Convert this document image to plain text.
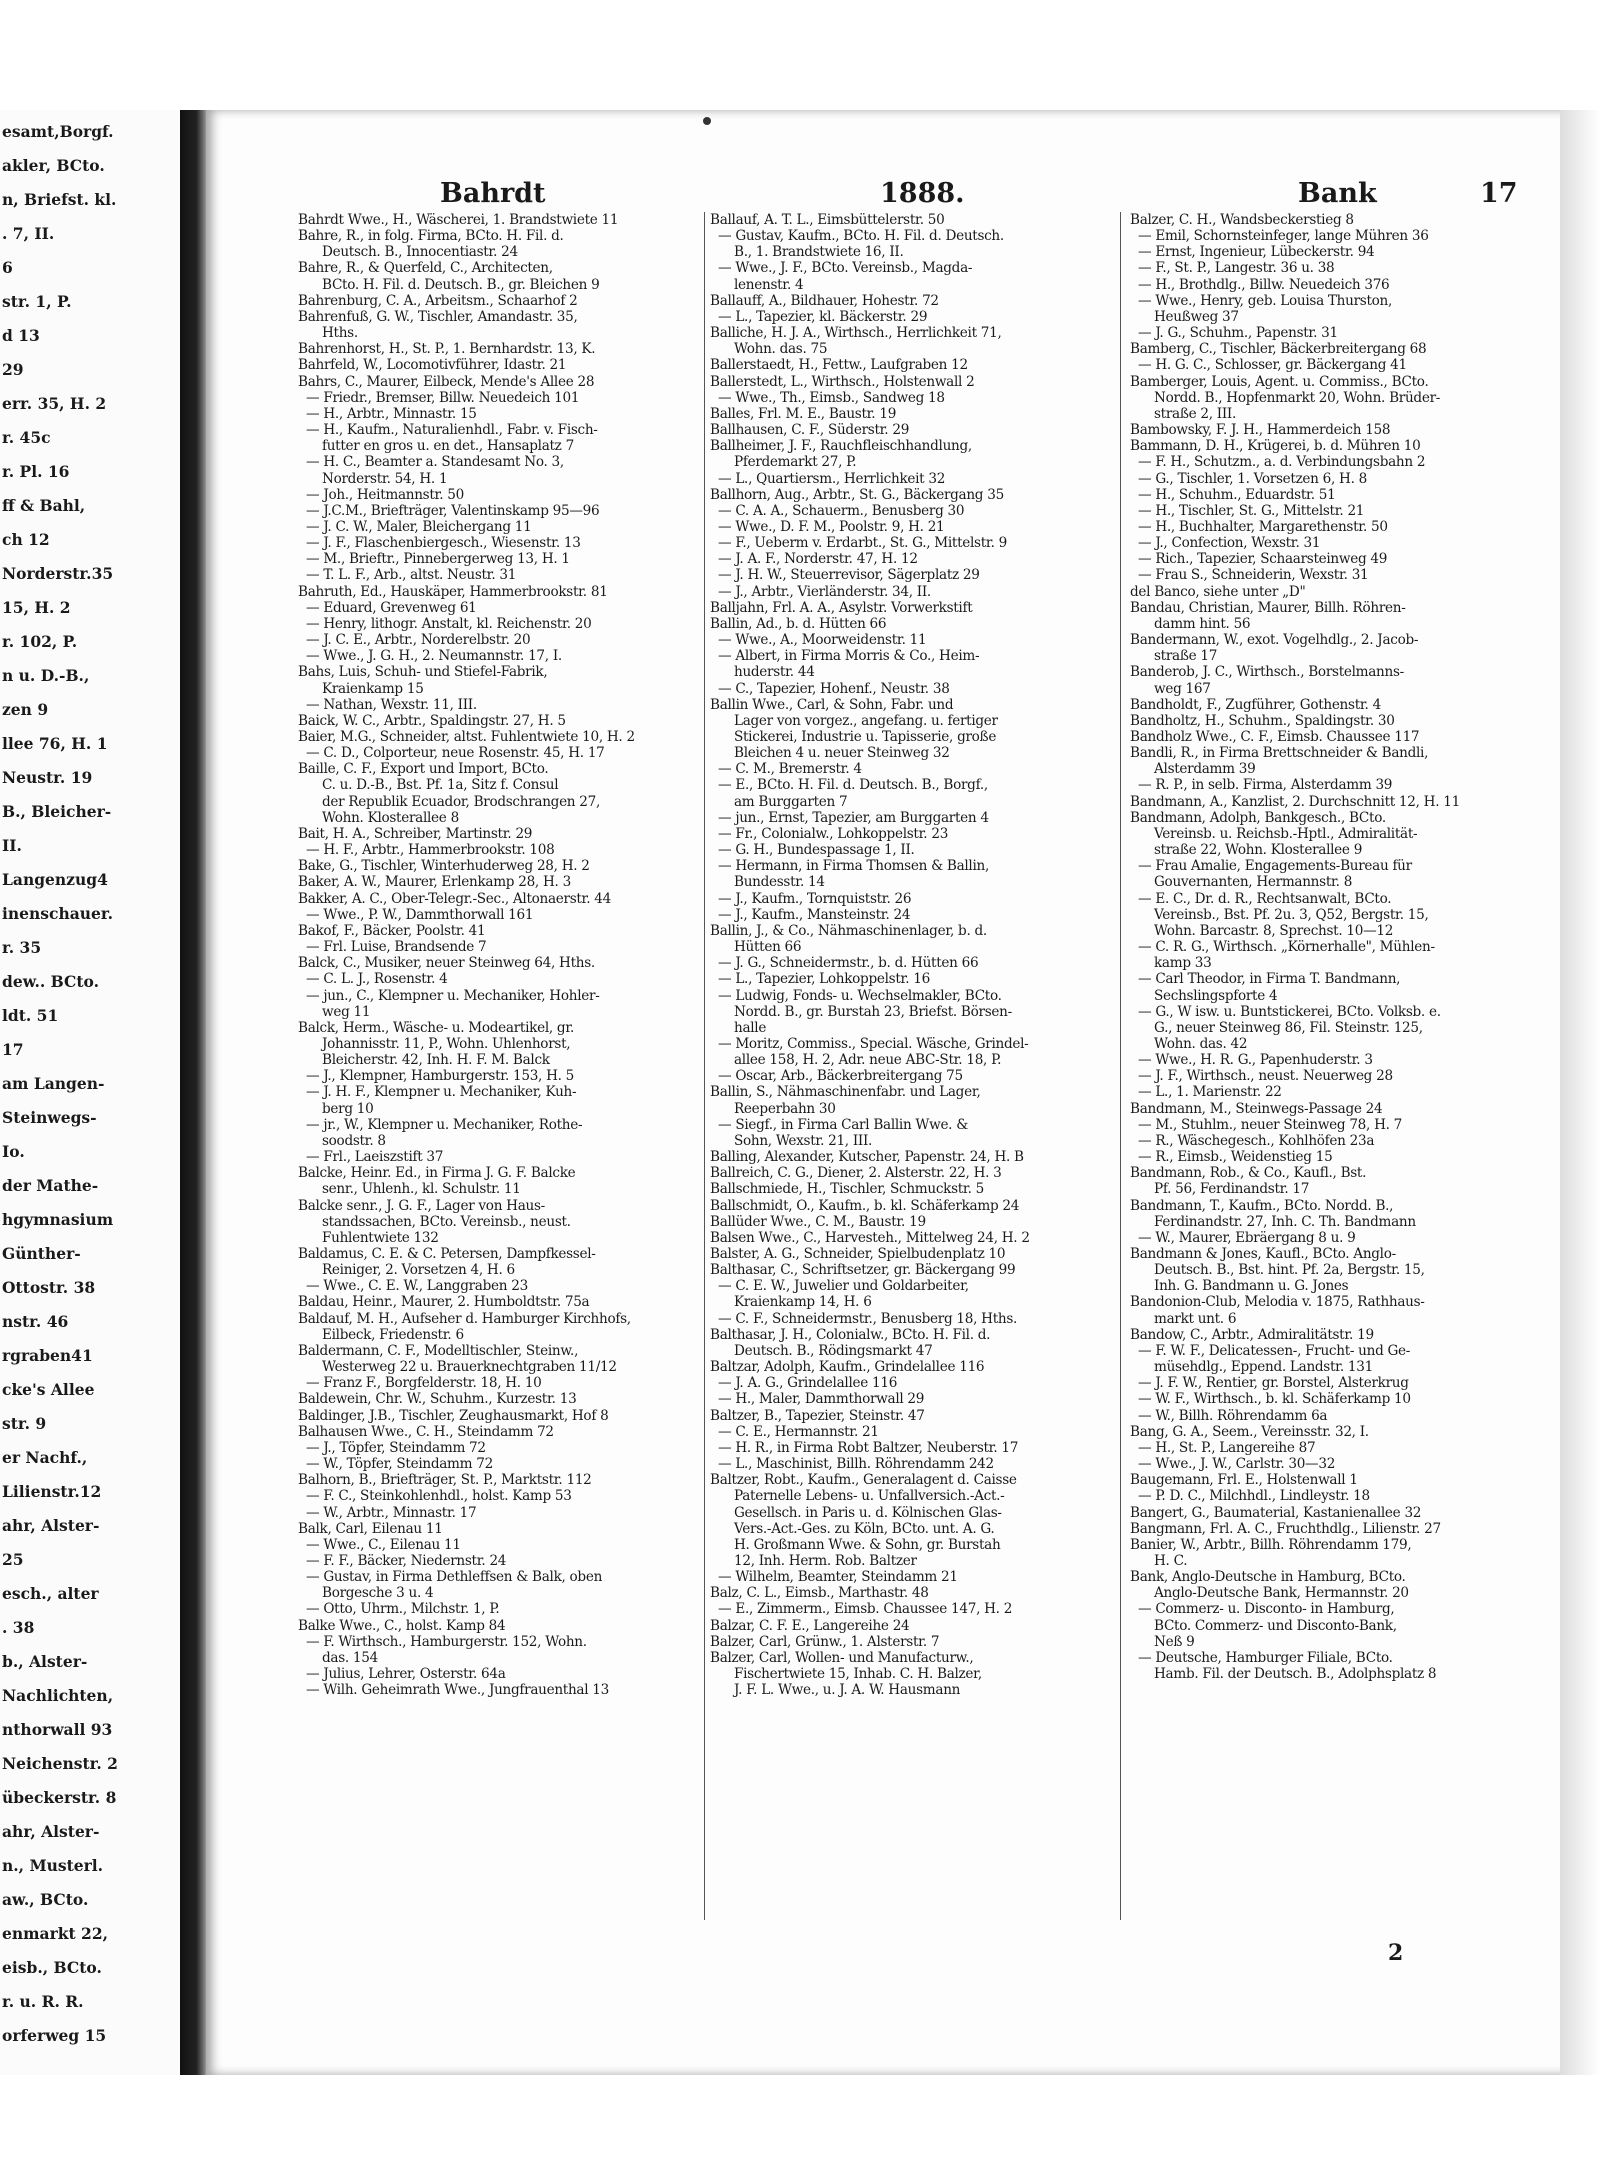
esamt,Borgf.
akler, BCto.
n, Briefst. kl.
. 7, II.
6
str. 1, P.
d 13
29
err. 35, H. 2
r. 45c
r. Pl. 16
ff & Bahl,
ch 12
Norderstr.35
15, H. 2
r. 102, P.
n u. D.-B.,
zen 9
llee 76, H. 1
Neustr. 19
B., Bleicher-
II.
Langenzug4
inenschauer.
r. 35
dew.. BCto.
ldt. 51
17
am Langen-
Steinwegs-
Io.
der Mathe-
hgymnasium
Günther-
Ottostr. 38
nstr. 46
rgraben41
cke's Allee
str. 9
er Nachf.,
Lilienstr.12
ahr, Alster-
25
esch., alter
. 38
b., Alster-
Nachlichten,
nthorwall 93
Neichenstr. 2
übeckerstr. 8
ahr, Alster-
n., Musterl.
aw., BCto.
enmarkt 22,
eisb., BCto.
r. u. R. R.
orferweg 15
Bahrdt	1888.	Bank	17
Bahrdt Wwe., H., Wäscherei, 1. Brandstwiete 11
Bahre, R., in folg. Firma, BCto. H. Fil. d.
Deutsch. B., Innocentiastr. 24
Bahre, R., & Querfeld, C., Architecten,
BCto. H. Fil. d. Deutsch. B., gr. Bleichen 9
Bahrenburg, C. A., Arbeitsm., Schaarhof 2
Bahrenfuß, G. W., Tischler, Amandastr. 35,
Hths.
Bahrenhorst, H., St. P., 1. Bernhardstr. 13, K.
Bahrfeld, W., Locomotivführer, Idastr. 21
Bahrs, C., Maurer, Eilbeck, Mende's Allee 28
— Friedr., Bremser, Billw. Neuedeich 101
— H., Arbtr., Minnastr. 15
— H., Kaufm., Naturalienhdl., Fabr. v. Fisch-
futter en gros u. en det., Hansaplatz 7
— H. C., Beamter a. Standesamt No. 3,
Norderstr. 54, H. 1
— Joh., Heitmannstr. 50
— J.C.M., Briefträger, Valentinskamp 95—96
— J. C. W., Maler, Bleichergang 11
— J. F., Flaschenbiergesch., Wiesenstr. 13
— M., Brieftr., Pinnebergerweg 13, H. 1
— T. L. F., Arb., altst. Neustr. 31
Bahruth, Ed., Hauskäper, Hammerbrookstr. 81
— Eduard, Grevenweg 61
— Henry, lithogr. Anstalt, kl. Reichenstr. 20
— J. C. E., Arbtr., Norderelbstr. 20
— Wwe., J. G. H., 2. Neumannstr. 17, I.
Bahs, Luis, Schuh- und Stiefel-Fabrik,
Kraienkamp 15
— Nathan, Wexstr. 11, III.
Baick, W. C., Arbtr., Spaldingstr. 27, H. 5
Baier, M.G., Schneider, altst. Fuhlentwiete 10, H. 2
— C. D., Colporteur, neue Rosenstr. 45, H. 17
Baille, C. F., Export und Import, BCto.
C. u. D.-B., Bst. Pf. 1a, Sitz f. Consul
der Republik Ecuador, Brodschrangen 27,
Wohn. Klosterallee 8
Bait, H. A., Schreiber, Martinstr. 29
— H. F., Arbtr., Hammerbrookstr. 108
Bake, G., Tischler, Winterhuderweg 28, H. 2
Baker, A. W., Maurer, Erlenkamp 28, H. 3
Bakker, A. C., Ober-Telegr.-Sec., Altonaerstr. 44
— Wwe., P. W., Dammthorwall 161
Bakof, F., Bäcker, Poolstr. 41
— Frl. Luise, Brandsende 7
Balck, C., Musiker, neuer Steinweg 64, Hths.
— C. L. J., Rosenstr. 4
— jun., C., Klempner u. Mechaniker, Hohler-
weg 11
Balck, Herm., Wäsche- u. Modeartikel, gr.
Johannisstr. 11, P., Wohn. Uhlenhorst,
Bleicherstr. 42, Inh. H. F. M. Balck
— J., Klempner, Hamburgerstr. 153, H. 5
— J. H. F., Klempner u. Mechaniker, Kuh-
berg 10
— jr., W., Klempner u. Mechaniker, Rothe-
soodstr. 8
— Frl., Laeiszstift 37
Balcke, Heinr. Ed., in Firma J. G. F. Balcke
senr., Uhlenh., kl. Schulstr. 11
Balcke senr., J. G. F., Lager von Haus-
standssachen, BCto. Vereinsb., neust.
Fuhlentwiete 132
Baldamus, C. E. & C. Petersen, Dampfkessel-
Reiniger, 2. Vorsetzen 4, H. 6
— Wwe., C. E. W., Langgraben 23
Baldau, Heinr., Maurer, 2. Humboldtstr. 75a
Baldauf, M. H., Aufseher d. Hamburger Kirchhofs,
Eilbeck, Friedenstr. 6
Baldermann, C. F., Modelltischler, Steinw.,
Westerweg 22 u. Brauerknechtgraben 11/12
— Franz F., Borgfelderstr. 18, H. 10
Baldewein, Chr. W., Schuhm., Kurzestr. 13
Baldinger, J.B., Tischler, Zeughausmarkt, Hof 8
Balhausen Wwe., C. H., Steindamm 72
— J., Töpfer, Steindamm 72
— W., Töpfer, Steindamm 72
Balhorn, B., Briefträger, St. P., Marktstr. 112
— F. C., Steinkohlenhdl., holst. Kamp 53
— W., Arbtr., Minnastr. 17
Balk, Carl, Eilenau 11
— Wwe., C., Eilenau 11
— F. F., Bäcker, Niedernstr. 24
— Gustav, in Firma Dethleffsen & Balk, oben
Borgesche 3 u. 4
— Otto, Uhrm., Milchstr. 1, P.
Balke Wwe., C., holst. Kamp 84
— F. Wirthsch., Hamburgerstr. 152, Wohn.
das. 154
— Julius, Lehrer, Osterstr. 64a
— Wilh. Geheimrath Wwe., Jungfrauenthal 13
Ballauf, A. T. L., Eimsbüttelerstr. 50
— Gustav, Kaufm., BCto. H. Fil. d. Deutsch.
B., 1. Brandstwiete 16, II.
— Wwe., J. F., BCto. Vereinsb., Magda-
lenenstr. 4
Ballauff, A., Bildhauer, Hohestr. 72
— L., Tapezier, kl. Bäckerstr. 29
Balliche, H. J. A., Wirthsch., Herrlichkeit 71,
Wohn. das. 75
Ballerstaedt, H., Fettw., Laufgraben 12
Ballerstedt, L., Wirthsch., Holstenwall 2
— Wwe., Th., Eimsb., Sandweg 18
Balles, Frl. M. E., Baustr. 19
Ballhausen, C. F., Süderstr. 29
Ballheimer, J. F., Rauchfleischhandlung,
Pferdemarkt 27, P.
— L., Quartiersm., Herrlichkeit 32
Ballhorn, Aug., Arbtr., St. G., Bäckergang 35
— C. A. A., Schauerm., Benusberg 30
— Wwe., D. F. M., Poolstr. 9, H. 21
— F., Ueberm v. Erdarbt., St. G., Mittelstr. 9
— J. A. F., Norderstr. 47, H. 12
— J. H. W., Steuerrevisor, Sägerplatz 29
— J., Arbtr., Vierländerstr. 34, II.
Balljahn, Frl. A. A., Asylstr. Vorwerkstift
Ballin, Ad., b. d. Hütten 66
— Wwe., A., Moorweidenstr. 11
— Albert, in Firma Morris & Co., Heim-
huderstr. 44
— C., Tapezier, Hohenf., Neustr. 38
Ballin Wwe., Carl, & Sohn, Fabr. und
Lager von vorgez., angefang. u. fertiger
Stickerei, Industrie u. Tapisserie, große
Bleichen 4 u. neuer Steinweg 32
— C. M., Bremerstr. 4
— E., BCto. H. Fil. d. Deutsch. B., Borgf.,
am Burggarten 7
— jun., Ernst, Tapezier, am Burggarten 4
— Fr., Colonialw., Lohkoppelstr. 23
— G. H., Bundespassage 1, II.
— Hermann, in Firma Thomsen & Ballin,
Bundesstr. 14
— J., Kaufm., Tornquiststr. 26
— J., Kaufm., Mansteinstr. 24
Ballin, J., & Co., Nähmaschinenlager, b. d.
Hütten 66
— J. G., Schneidermstr., b. d. Hütten 66
— L., Tapezier, Lohkoppelstr. 16
— Ludwig, Fonds- u. Wechselmakler, BCto.
Nordd. B., gr. Burstah 23, Briefst. Börsen-
halle
— Moritz, Commiss., Special. Wäsche, Grindel-
allee 158, H. 2, Adr. neue ABC-Str. 18, P.
— Oscar, Arb., Bäckerbreitergang 75
Ballin, S., Nähmaschinenfabr. und Lager,
Reeperbahn 30
— Siegf., in Firma Carl Ballin Wwe. &
Sohn, Wexstr. 21, III.
Balling, Alexander, Kutscher, Papenstr. 24, H. B
Ballreich, C. G., Diener, 2. Alsterstr. 22, H. 3
Ballschmiede, H., Tischler, Schmuckstr. 5
Ballschmidt, O., Kaufm., b. kl. Schäferkamp 24
Ballüder Wwe., C. M., Baustr. 19
Balsen Wwe., C., Harvesteh., Mittelweg 24, H. 2
Balster, A. G., Schneider, Spielbudenplatz 10
Balthasar, C., Schriftsetzer, gr. Bäckergang 99
— C. E. W., Juwelier und Goldarbeiter,
Kraienkamp 14, H. 6
— C. F., Schneidermstr., Benusberg 18, Hths.
Balthasar, J. H., Colonialw., BCto. H. Fil. d.
Deutsch. B., Rödingsmarkt 47
Baltzar, Adolph, Kaufm., Grindelallee 116
— J. A. G., Grindelallee 116
— H., Maler, Dammthorwall 29
Baltzer, B., Tapezier, Steinstr. 47
— C. E., Hermannstr. 21
— H. R., in Firma Robt Baltzer, Neuberstr. 17
— L., Maschinist, Billh. Röhrendamm 242
Baltzer, Robt., Kaufm., Generalagent d. Caisse
Paternelle Lebens- u. Unfallversich.-Act.-
Gesellsch. in Paris u. d. Kölnischen Glas-
Vers.-Act.-Ges. zu Köln, BCto. unt. A. G.
H. Großmann Wwe. & Sohn, gr. Burstah
12, Inh. Herm. Rob. Baltzer
— Wilhelm, Beamter, Steindamm 21
Balz, C. L., Eimsb., Marthastr. 48
— E., Zimmerm., Eimsb. Chaussee 147, H. 2
Balzar, C. F. E., Langereihe 24
Balzer, Carl, Grünw., 1. Alsterstr. 7
Balzer, Carl, Wollen- und Manufacturw.,
Fischertwiete 15, Inhab. C. H. Balzer,
J. F. L. Wwe., u. J. A. W. Hausmann
Balzer, C. H., Wandsbeckerstieg 8
— Emil, Schornsteinfeger, lange Mühren 36
— Ernst, Ingenieur, Lübeckerstr. 94
— F., St. P., Langestr. 36 u. 38
— H., Brothdlg., Billw. Neuedeich 376
— Wwe., Henry, geb. Louisa Thurston,
Heußweg 37
— J. G., Schuhm., Papenstr. 31
Bamberg, C., Tischler, Bäckerbreitergang 68
— H. G. C., Schlosser, gr. Bäckergang 41
Bamberger, Louis, Agent. u. Commiss., BCto.
Nordd. B., Hopfenmarkt 20, Wohn. Brüder-
straße 2, III.
Bambowsky, F. J. H., Hammerdeich 158
Bammann, D. H., Krügerei, b. d. Mühren 10
— F. H., Schutzm., a. d. Verbindungsbahn 2
— G., Tischler, 1. Vorsetzen 6, H. 8
— H., Schuhm., Eduardstr. 51
— H., Tischler, St. G., Mittelstr. 21
— H., Buchhalter, Margarethenstr. 50
— J., Confection, Wexstr. 31
— Rich., Tapezier, Schaarsteinweg 49
— Frau S., Schneiderin, Wexstr. 31
del Banco, siehe unter „D"
Bandau, Christian, Maurer, Billh. Röhren-
damm hint. 56
Bandermann, W., exot. Vogelhdlg., 2. Jacob-
straße 17
Banderob, J. C., Wirthsch., Borstelmanns-
weg 167
Bandholdt, F., Zugführer, Gothenstr. 4
Bandholtz, H., Schuhm., Spaldingstr. 30
Bandholz Wwe., C. F., Eimsb. Chaussee 117
Bandli, R., in Firma Brettschneider & Bandli,
Alsterdamm 39
— R. P., in selb. Firma, Alsterdamm 39
Bandmann, A., Kanzlist, 2. Durchschnitt 12, H. 11
Bandmann, Adolph, Bankgesch., BCto.
Vereinsb. u. Reichsb.-Hptl., Admiralität-
straße 22, Wohn. Klosterallee 9
— Frau Amalie, Engagements-Bureau für
Gouvernanten, Hermannstr. 8
— E. C., Dr. d. R., Rechtsanwalt, BCto.
Vereinsb., Bst. Pf. 2u. 3, Q52, Bergstr. 15,
Wohn. Barcastr. 8, Sprechst. 10—12
— C. R. G., Wirthsch. „Körnerhalle", Mühlen-
kamp 33
— Carl Theodor, in Firma T. Bandmann,
Sechslingspforte 4
— G., W isw. u. Buntstickerei, BCto. Volksb. e.
G., neuer Steinweg 86, Fil. Steinstr. 125,
Wohn. das. 42
— Wwe., H. R. G., Papenhuderstr. 3
— J. F., Wirthsch., neust. Neuerweg 28
— L., 1. Marienstr. 22
Bandmann, M., Steinwegs-Passage 24
— M., Stuhlm., neuer Steinweg 78, H. 7
— R., Wäschegesch., Kohlhöfen 23a
— R., Eimsb., Weidenstieg 15
Bandmann, Rob., & Co., Kaufl., Bst.
Pf. 56, Ferdinandstr. 17
Bandmann, T., Kaufm., BCto. Nordd. B.,
Ferdinandstr. 27, Inh. C. Th. Bandmann
— W., Maurer, Ebräergang 8 u. 9
Bandmann & Jones, Kaufl., BCto. Anglo-
Deutsch. B., Bst. hint. Pf. 2a, Bergstr. 15,
Inh. G. Bandmann u. G. Jones
Bandonion-Club, Melodia v. 1875, Rathhaus-
markt unt. 6
Bandow, C., Arbtr., Admiralitätstr. 19
— F. W. F., Delicatessen-, Frucht- und Ge-
müsehdlg., Eppend. Landstr. 131
— J. F. W., Rentier, gr. Borstel, Alsterkrug
— W. F., Wirthsch., b. kl. Schäferkamp 10
— W., Billh. Röhrendamm 6a
Bang, G. A., Seem., Vereinsstr. 32, I.
— H., St. P., Langereihe 87
— Wwe., J. W., Carlstr. 30—32
Baugemann, Frl. E., Holstenwall 1
— P. D. C., Milchhdl., Lindleystr. 18
Bangert, G., Baumaterial, Kastanienallee 32
Bangmann, Frl. A. C., Fruchthdlg., Lilienstr. 27
Banier, W., Arbtr., Billh. Röhrendamm 179,
H. C.
Bank, Anglo-Deutsche in Hamburg, BCto.
Anglo-Deutsche Bank, Hermannstr. 20
— Commerz- u. Disconto- in Hamburg,
BCto. Commerz- und Disconto-Bank,
Neß 9
— Deutsche, Hamburger Filiale, BCto.
Hamb. Fil. der Deutsch. B., Adolphsplatz 8
2
